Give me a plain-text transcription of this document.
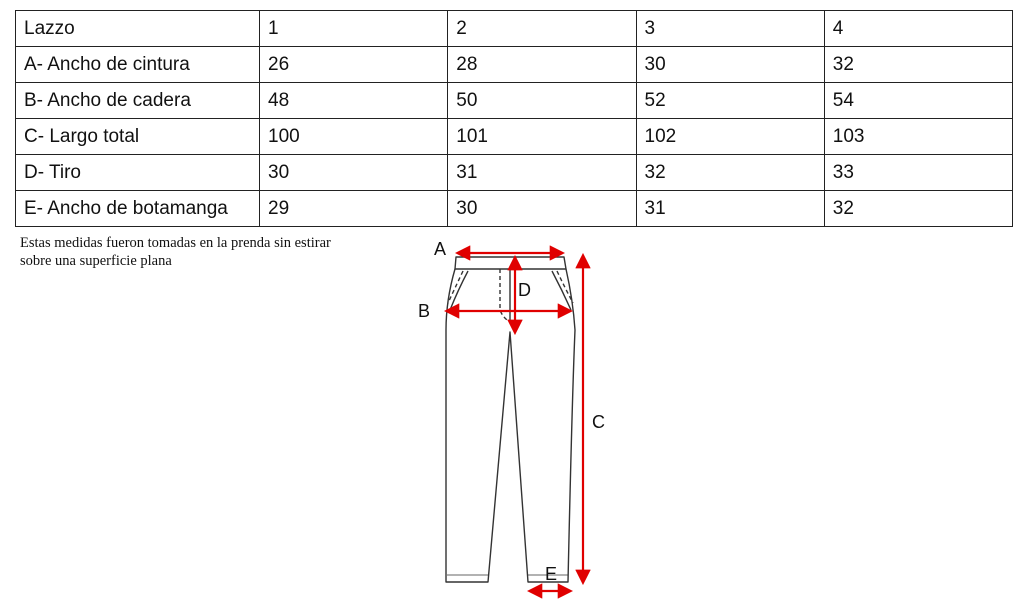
Lazzo	1	2	3	4
A- Ancho de cintura	26	28	30	32
B- Ancho de cadera	48	50	52	54
C- Largo total	100	101	102	103
D- Tiro	30	31	32	33
E- Ancho de botamanga	29	30	31	32
Estas medidas fueron tomadas en la prenda sin estirar
sobre una superficie plana
A
B
C
D
E
